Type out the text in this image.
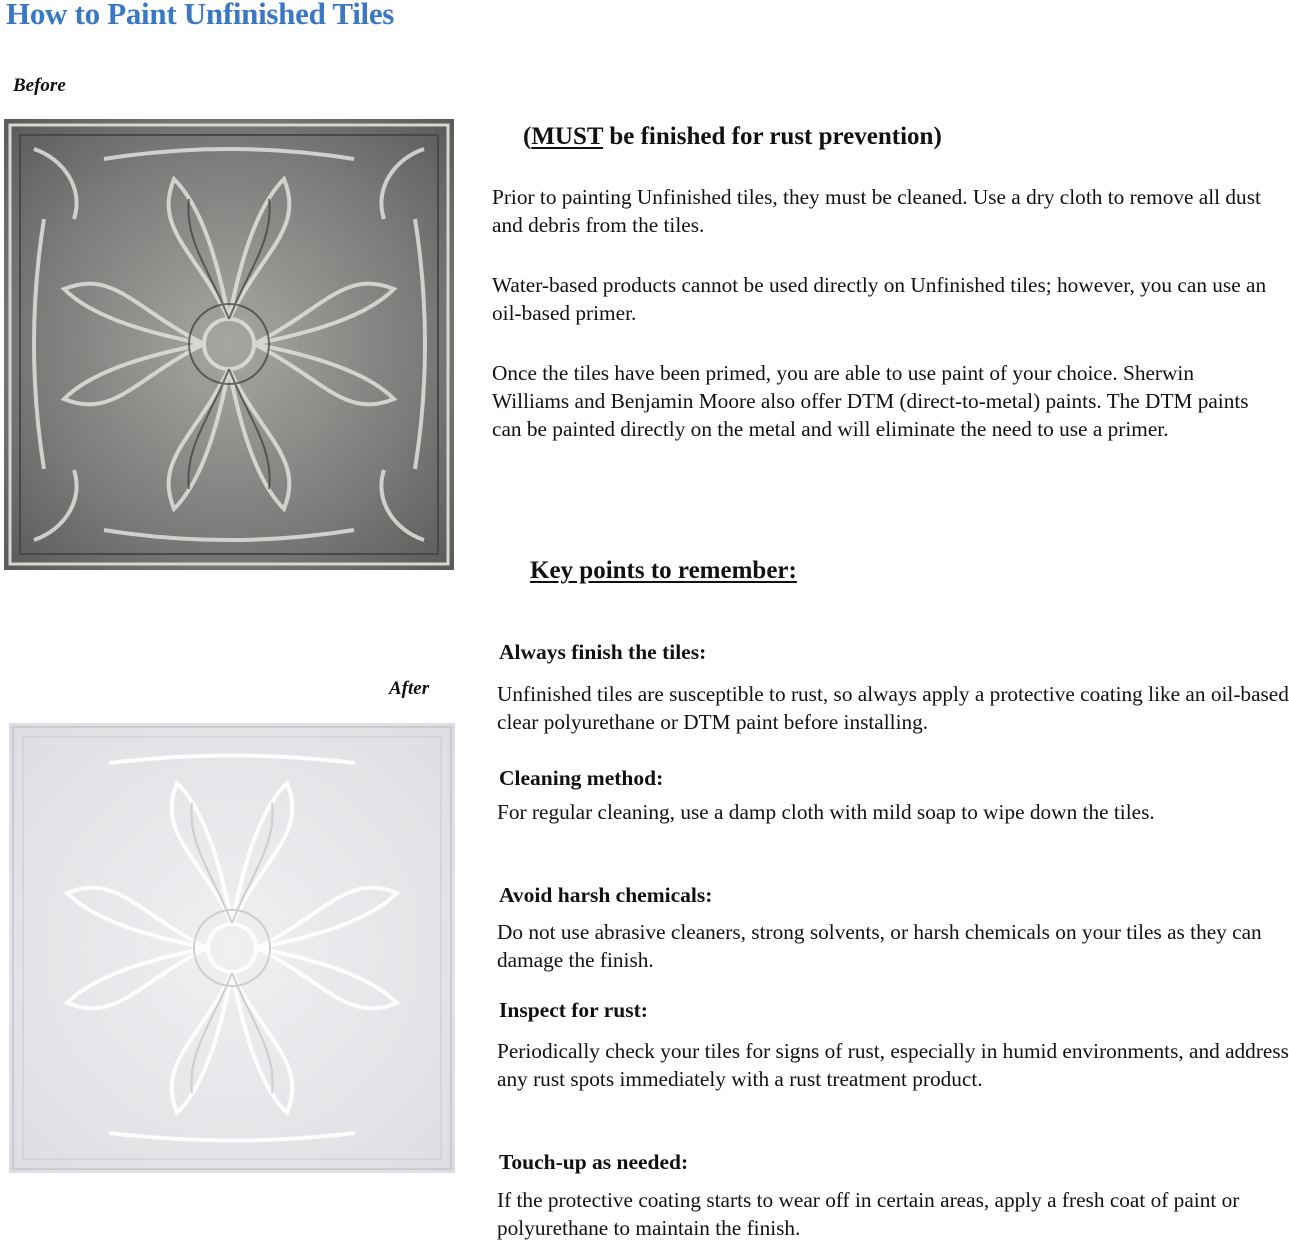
How to Paint Unfinished Tiles
Before
After
(MUST be finished for rust prevention)

Prior to painting Unfinished tiles, they must be cleaned. Use a dry cloth to remove all dust and debris from the tiles.

Water-based products cannot be used directly on Unfinished tiles; however, you can use an oil-based primer.

Once the tiles have been primed, you are able to use paint of your choice. Sherwin Williams and Benjamin Moore also offer DTM (direct-to-metal) paints. The DTM paints can be painted directly on the metal and will eliminate the need to use a primer.

Key points to remember:
Always finish the tiles:

Unfinished tiles are susceptible to rust, so always apply a protective coating like an oil-based clear polyurethane or DTM paint before installing.

Cleaning method:

For regular cleaning, use a damp cloth with mild soap to wipe down the tiles.

Avoid harsh chemicals:

Do not use abrasive cleaners, strong solvents, or harsh chemicals on your tiles as they can damage the finish.

Inspect for rust:

Periodically check your tiles for signs of rust, especially in humid environments, and address any rust spots immediately with a rust treatment product.

Touch-up as needed:

If the protective coating starts to wear off in certain areas, apply a fresh coat of paint or polyurethane to maintain the finish.
